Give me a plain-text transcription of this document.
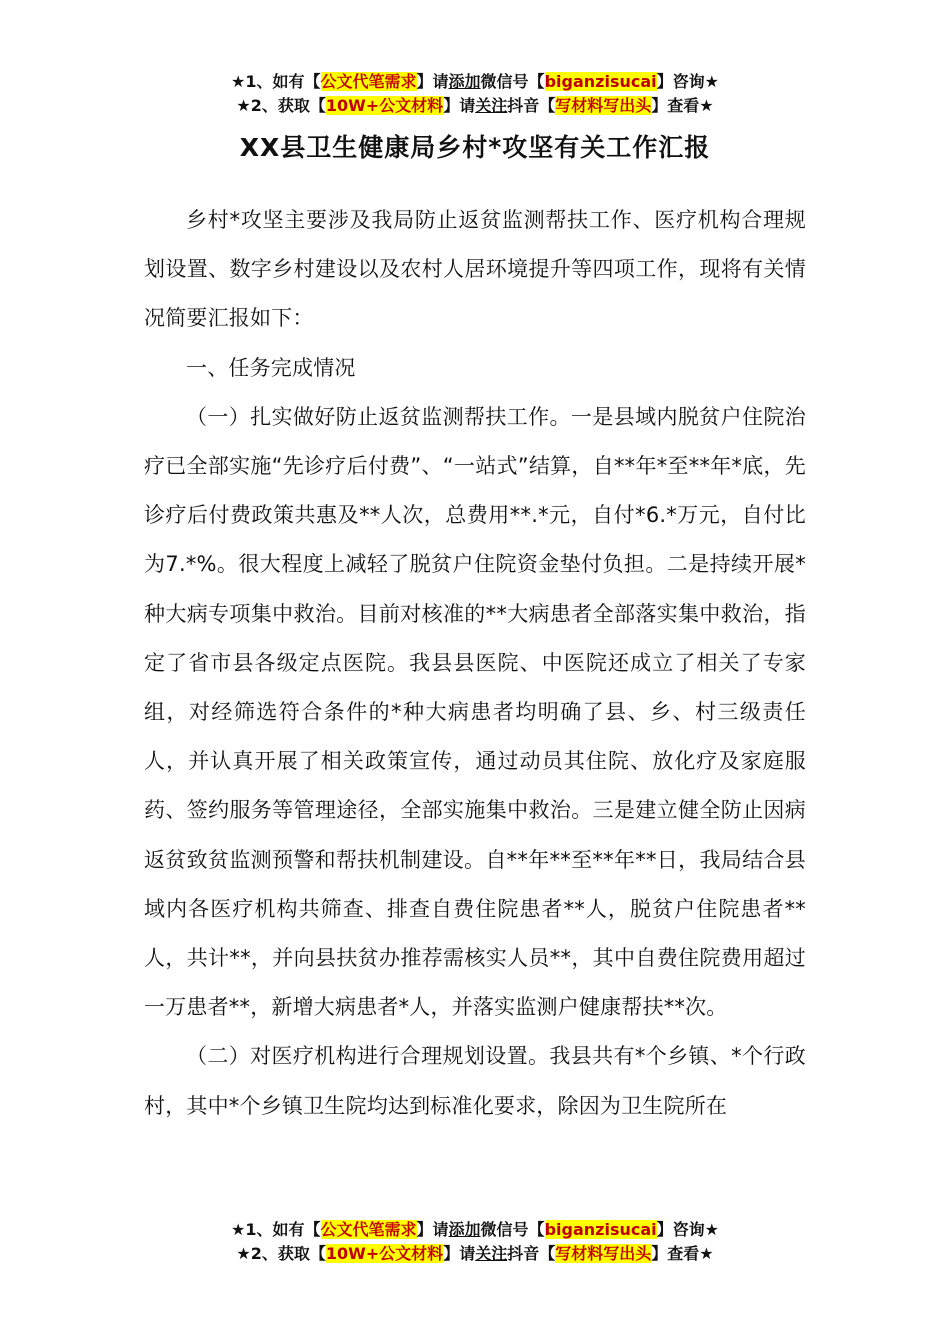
★1、如有【公文代笔需求】请添加微信号【biganzisucai】咨询★
★2、获取【10W+公文材料】请关注抖音【写材料写出头】查看★
XX县卫生健康局乡村*攻坚有关工作汇报

乡村*攻坚主要涉及我局防止返贫监测帮扶工作、医疗机构合理规划设置、数字乡村建设以及农村人居环境提升等四项工作，现将有关情况简要汇报如下：

一、任务完成情况

（一）扎实做好防止返贫监测帮扶工作。一是县域内脱贫户住院治疗已全部实施“先诊疗后付费”、“一站式”结算，自**年*至**年*底，先诊疗后付费政策共惠及**人次，总费用**.*元，自付*6.*万元，自付比为7.*%。很大程度上减轻了脱贫户住院资金垫付负担。二是持续开展*种大病专项集中救治。目前对核准的**大病患者全部落实集中救治，指定了省市县各级定点医院。我县县医院、中医院还成立了相关了专家组，对经筛选符合条件的*种大病患者均明确了县、乡、村三级责任人，并认真开展了相关政策宣传，通过动员其住院、放化疗及家庭服药、签约服务等管理途径，全部实施集中救治。三是建立健全防止因病返贫致贫监测预警和帮扶机制建设。自**年**至**年**日，我局结合县域内各医疗机构共筛查、排查自费住院患者**人，脱贫户住院患者**人，共计**，并向县扶贫办推荐需核实人员**，其中自费住院费用超过一万患者**，新增大病患者*人，并落实监测户健康帮扶**次。

（二）对医疗机构进行合理规划设置。我县共有*个乡镇、*个行政村，其中*个乡镇卫生院均达到标准化要求，除因为卫生院所在

★1、如有【公文代笔需求】请添加微信号【biganzisucai】咨询★
★2、获取【10W+公文材料】请关注抖音【写材料写出头】查看★
